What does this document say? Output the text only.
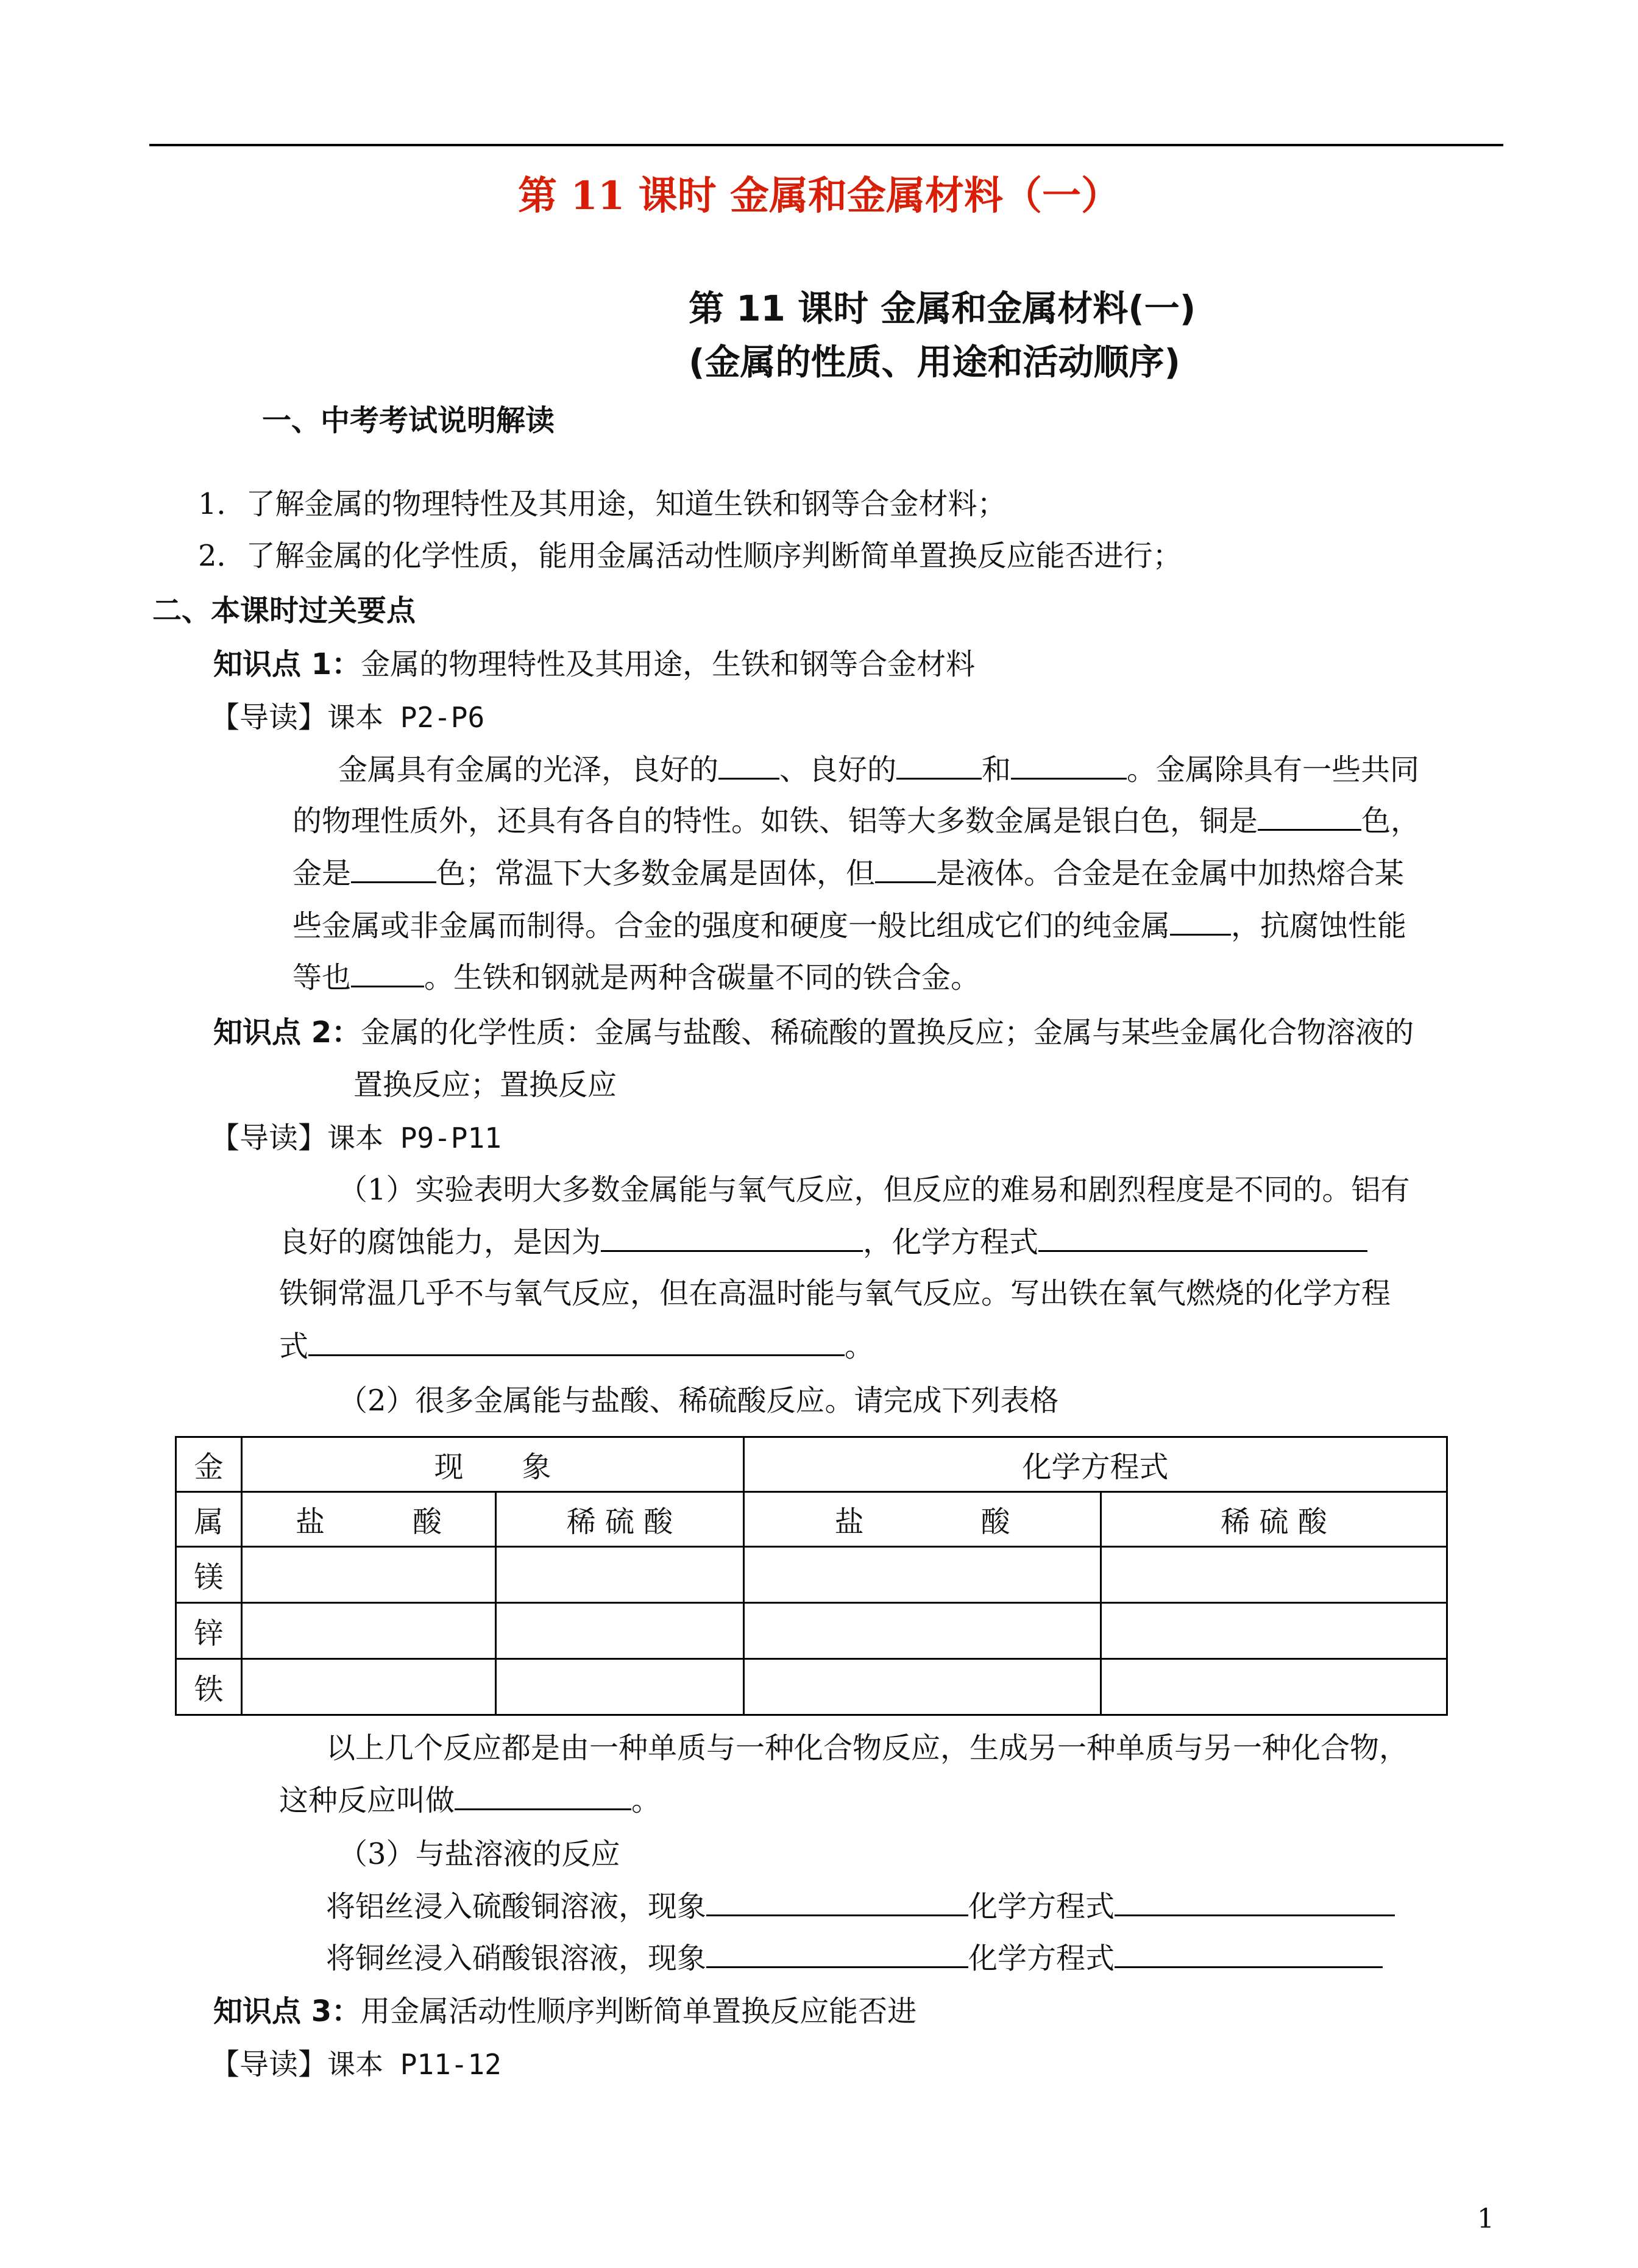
第 11 课时 金属和金属材料（一）
第 11 课时 金属和金属材料(一)
(金属的性质、用途和活动顺序)
一、中考考试说明解读
1．了解金属的物理特性及其用途，知道生铁和钢等合金材料；
2．了解金属的化学性质，能用金属活动性顺序判断简单置换反应能否进行；
二、本课时过关要点
知识点 1：金属的物理特性及其用途，生铁和钢等合金材料
【导读】课本 P2-P6
金属具有金属的光泽，良好的 、良好的	和	。金属除具有一些共同
的物理性质外，还具有各自的特性。如铁、铝等大多数金属是银白色，铜是	色，
金是	色；常温下大多数金属是固体，但 是液体。合金是在金属中加热熔合某
些金属或非金属而制得。合金的强度和硬度一般比组成它们的纯金属 ，抗腐蚀性能
等也	。生铁和钢就是两种含碳量不同的铁合金。
知识点 2：金属的化学性质：金属与盐酸、稀硫酸的置换反应；金属与某些金属化合物溶液的
置换反应；置换反应
【导读】课本 P9-P11
（1）实验表明大多数金属能与氧气反应，但反应的难易和剧烈程度是不同的。铝有
良好的腐蚀能力，是因为	，化学方程式
铁铜常温几乎不与氧气反应，但在高温时能与氧气反应。写出铁在氧气燃烧的化学方程
式	。
（2）很多金属能与盐酸、稀硫酸反应。请完成下列表格
金	现　　象		化学方程式	
属	盐　　　酸	稀 硫 酸	盐　　　　酸	稀 硫 酸
镁				
锌				
铁				
以上几个反应都是由一种单质与一种化合物反应，生成另一种单质与另一种化合物，
这种反应叫做	。
（3）与盐溶液的反应
将铝丝浸入硫酸铜溶液，现象	化学方程式
将铜丝浸入硝酸银溶液，现象	化学方程式
知识点 3：用金属活动性顺序判断简单置换反应能否进
【导读】课本 P11-12
1
